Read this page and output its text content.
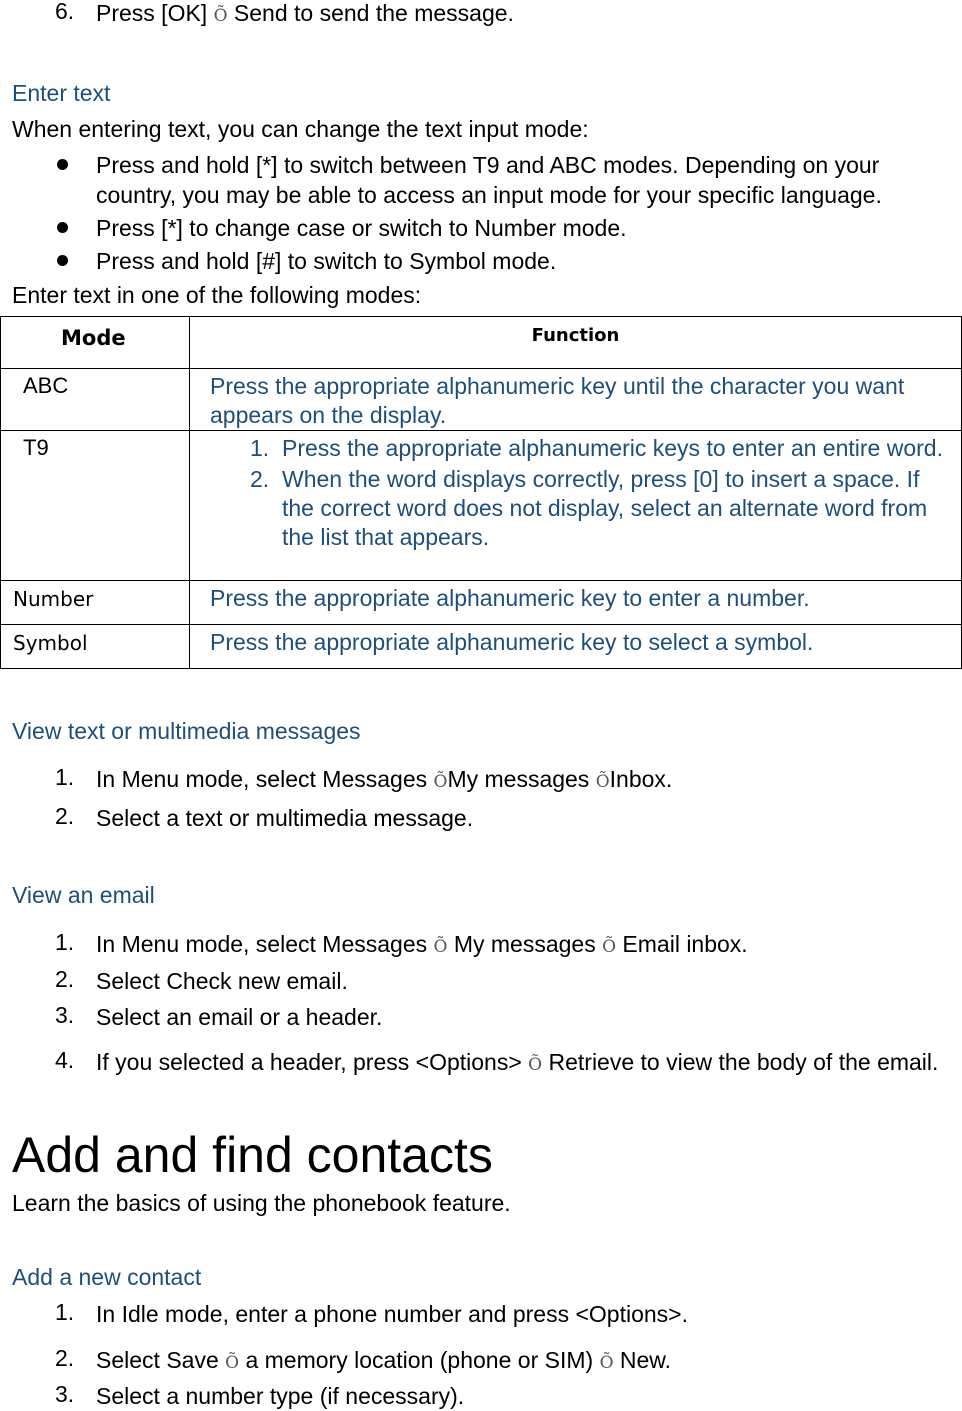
6. Press [OK] Õ Send to send the message.
Enter text
When entering text, you can change the text input mode:
Press and hold [*] to switch between T9 and ABC modes. Depending on your country, you may be able to access an input mode for your specific language.
Press [*] to change case or switch to Number mode.
Press and hold [#] to switch to Symbol mode.
Enter text in one of the following modes:
Mode	Function
ABC	Press the appropriate alphanumeric key until the character you want appears on the display.
T9	1. Press the appropriate alphanumeric keys to enter an entire word.
2. When the word displays correctly, press [0] to insert a space. If the correct word does not display, select an alternate word from the list that appears.

Number	Press the appropriate alphanumeric key to enter a number.
Symbol	Press the appropriate alphanumeric key to select a symbol.
View text or multimedia messages
1. In Menu mode, select Messages ÕMy messages ÕInbox.
2. Select a text or multimedia message.
View an email
1. In Menu mode, select Messages Õ My messages Õ Email inbox.
2. Select Check new email.
3. Select an email or a header.
4. If you selected a header, press <Options> Õ Retrieve to view the body of the email.
Add and find contacts
Learn the basics of using the phonebook feature.
Add a new contact
1. In Idle mode, enter a phone number and press <Options>.
2. Select Save Õ a memory location (phone or SIM) Õ New.
3. Select a number type (if necessary).
